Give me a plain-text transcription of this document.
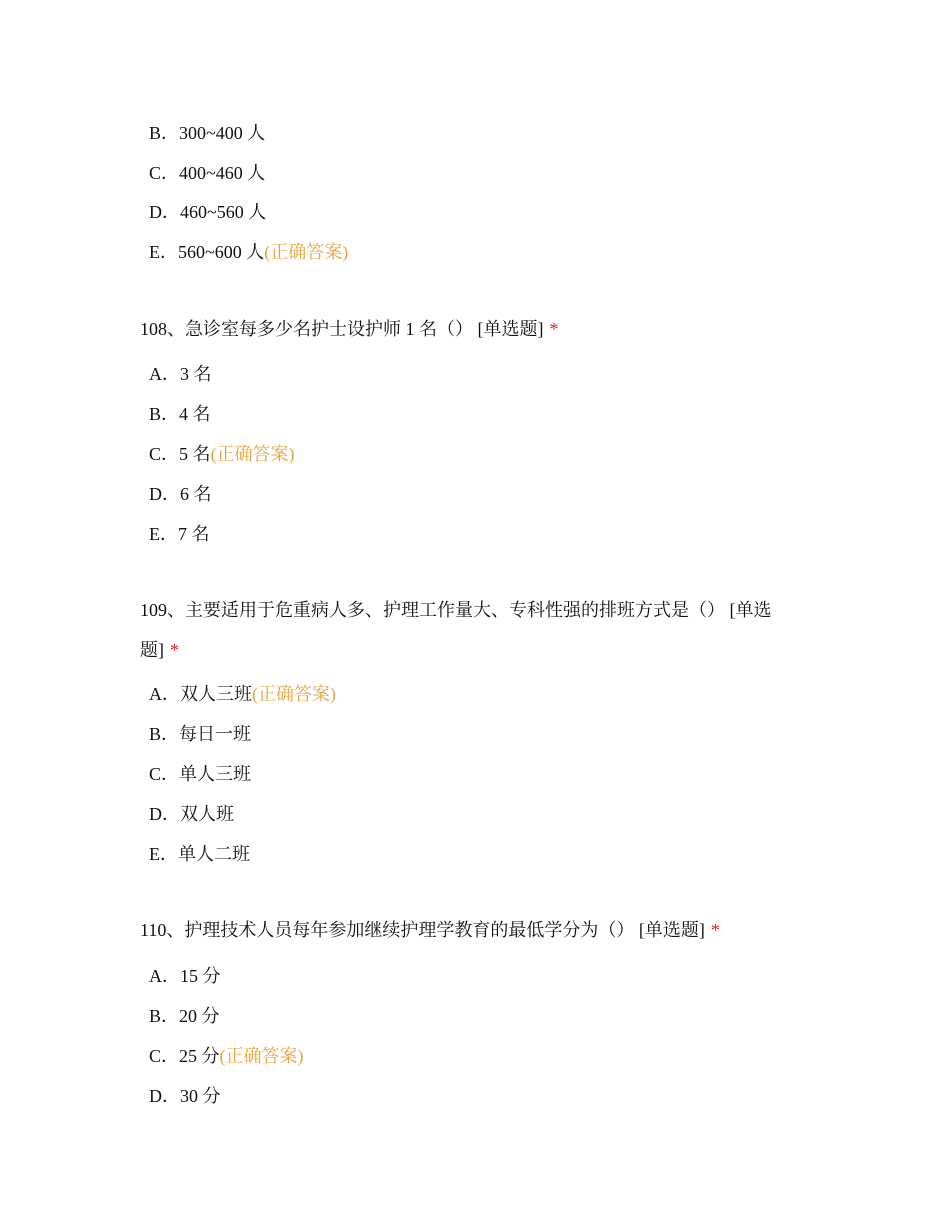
B．300~400 人
C．400~460 人
D．460~560 人
E．560~600 人(正确答案)
108、急诊室每多少名护士设护师 1 名（） [单选题] *
A．3 名
B．4 名
C．5 名(正确答案)
D．6 名
E．7 名
109、主要适用于危重病人多、护理工作量大、专科性强的排班方式是（） [单选
题] *
A．双人三班(正确答案)
B．每日一班
C．单人三班
D．双人班
E．单人二班
110、护理技术人员每年参加继续护理学教育的最低学分为（） [单选题] *
A．15 分
B．20 分
C．25 分(正确答案)
D．30 分
